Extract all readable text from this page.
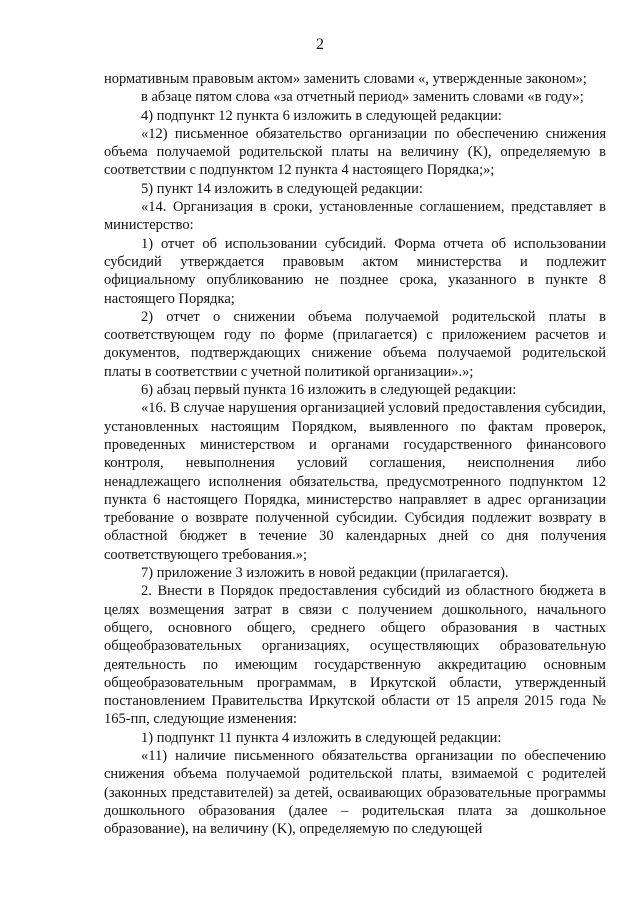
2

нормативным правовым актом» заменить словами «, утвержденные законом»;

в абзаце пятом слова «за отчетный период» заменить словами «в году»;

4) подпункт 12 пункта 6 изложить в следующей редакции:

«12) письменное обязательство организации по обеспечению снижения объема получаемой родительской платы на величину (K), определяемую в соответствии с подпунктом 12 пункта 4 настоящего Порядка;»;

5) пункт 14 изложить в следующей редакции:

«14. Организация в сроки, установленные соглашением, представляет в министерство:

1) отчет об использовании субсидий. Форма отчета об использовании субсидий утверждается правовым актом министерства и подлежит официальному опубликованию не позднее срока, указанного в пункте 8 настоящего Порядка;

2) отчет о снижении объема получаемой родительской платы в соответствующем году по форме (прилагается) с приложением расчетов и документов, подтверждающих снижение объема получаемой родительской платы в соответствии с учетной политикой организации».»;

6) абзац первый пункта 16 изложить в следующей редакции:

«16. В случае нарушения организацией условий предоставления субсидии, установленных настоящим Порядком, выявленного по фактам проверок, проведенных министерством и органами государственного финансового контроля, невыполнения условий соглашения, неисполнения либо ненадлежащего исполнения обязательства, предусмотренного подпунктом 12 пункта 6 настоящего Порядка, министерство направляет в адрес организации требование о возврате полученной субсидии. Субсидия подлежит возврату в областной бюджет в течение 30 календарных дней со дня получения соответствующего требования.»;

7) приложение 3 изложить в новой редакции (прилагается).

2. Внести в Порядок предоставления субсидий из областного бюджета в целях возмещения затрат в связи с получением дошкольного, начального общего, основного общего, среднего общего образования в частных общеобразовательных организациях, осуществляющих образовательную деятельность по имеющим государственную аккредитацию основным общеобразовательным программам, в Иркутской области, утвержденный постановлением Правительства Иркутской области от 15 апреля 2015 года № 165-пп, следующие изменения:

1) подпункт 11 пункта 4 изложить в следующей редакции:

«11) наличие письменного обязательства организации по обеспечению снижения объема получаемой родительской платы, взимаемой с родителей (законных представителей) за детей, осваивающих образовательные программы дошкольного образования (далее – родительская плата за дошкольное образование), на величину (K), определяемую по следующей
